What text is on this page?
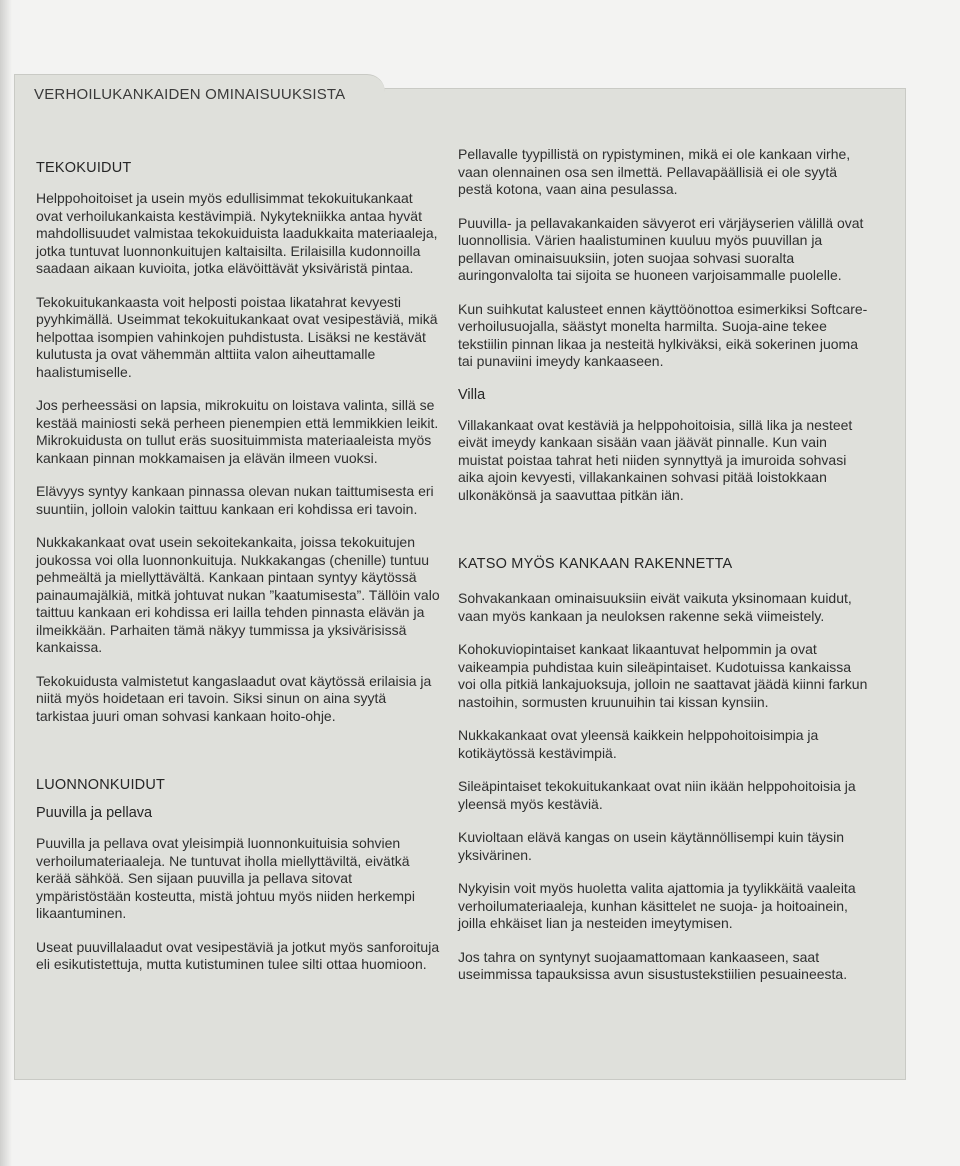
VERHOILUKANKAIDEN OMINAISUUKSISTA
TEKOKUIDUT

Helppohoitoiset ja usein myös edullisimmat tekokuitukankaat ovat verhoilukankaista kestävimpiä. Nykytekniikka antaa hyvät mahdollisuudet valmistaa tekokuiduista laadukkaita materiaaleja, jotka tuntuvat luonnonkuitujen kaltaisilta. Erilaisilla kudonnoilla saadaan aikaan kuvioita, jotka elävöittävät yksiväristä pintaa.

Tekokuitukankaasta voit helposti poistaa likatahrat kevyesti pyyhkimällä. Useimmat tekokuitukankaat ovat vesipestäviä, mikä helpottaa isompien vahinkojen puhdistusta. Lisäksi ne kestävät kulutusta ja ovat vähemmän alttiita valon aiheuttamalle haalistumiselle.

Jos perheessäsi on lapsia, mikrokuitu on loistava valinta, sillä se kestää mainiosti sekä perheen pienempien että lemmikkien leikit. Mikrokuidusta on tullut eräs suosituimmista materiaaleista myös kankaan pinnan mokkamaisen ja elävän ilmeen vuoksi.

Elävyys syntyy kankaan pinnassa olevan nukan taittumisesta eri suuntiin, jolloin valokin taittuu kankaan eri kohdissa eri tavoin.

Nukkakankaat ovat usein sekoitekankaita, joissa tekokuitujen joukossa voi olla luonnonkuituja. Nukkakangas (chenille) tuntuu pehmeältä ja miellyttävältä. Kankaan pintaan syntyy käytössä painaumajälkiä, mitkä johtuvat nukan ”kaatumisesta”. Tällöin valo taittuu kankaan eri kohdissa eri lailla tehden pinnasta elävän ja ilmeikkään. Parhaiten tämä näkyy tummissa ja yksivärisissä kankaissa.

Tekokuidusta valmistetut kangaslaadut ovat käytössä erilaisia ja niitä myös hoidetaan eri tavoin. Siksi sinun on aina syytä tarkistaa juuri oman sohvasi kankaan hoito-ohje.

LUONNONKUIDUT
Puuvilla ja pellava

Puuvilla ja pellava ovat yleisimpiä luonnonkuituisia sohvien verhoilumateriaaleja. Ne tuntuvat iholla miellyttäviltä, eivätkä kerää sähköä. Sen sijaan puuvilla ja pellava sitovat ympäristöstään kosteutta, mistä johtuu myös niiden herkempi likaantuminen.

Useat puuvillalaadut ovat vesipestäviä ja jotkut myös sanforoituja eli esikutistettuja, mutta kutistuminen tulee silti ottaa huomioon.

Pellavalle tyypillistä on rypistyminen, mikä ei ole kankaan virhe, vaan olennainen osa sen ilmettä. Pellavapäällisiä ei ole syytä pestä kotona, vaan aina pesulassa.

Puuvilla- ja pellavakankaiden sävyerot eri värjäyserien välillä ovat luonnollisia. Värien haalistuminen kuuluu myös puuvillan ja pellavan ominaisuuksiin, joten suojaa sohvasi suoralta auringonvalolta tai sijoita se huoneen varjoisammalle puolelle.

Kun suihkutat kalusteet ennen käyttöönottoa esimerkiksi Softcare-verhoilusuojalla, säästyt monelta harmilta. Suoja-aine tekee tekstiilin pinnan likaa ja nesteitä hylkiväksi, eikä sokerinen juoma tai punaviini imeydy kankaaseen.

Villa

Villakankaat ovat kestäviä ja helppohoitoisia, sillä lika ja nesteet eivät imeydy kankaan sisään vaan jäävät pinnalle. Kun vain muistat poistaa tahrat heti niiden synnyttyä ja imuroida sohvasi aika ajoin kevyesti, villakankainen sohvasi pitää loistokkaan ulkonäkönsä ja saavuttaa pitkän iän.

KATSO MYÖS KANKAAN RAKENNETTA

Sohvakankaan ominaisuuksiin eivät vaikuta yksinomaan kuidut, vaan myös kankaan ja neuloksen rakenne sekä viimeistely.

Kohokuviopintaiset kankaat likaantuvat helpommin ja ovat vaikeampia puhdistaa kuin sileäpintaiset. Kudotuissa kankaissa voi olla pitkiä lankajuoksuja, jolloin ne saattavat jäädä kiinni farkun nastoihin, sormusten kruunuihin tai kissan kynsiin.

Nukkakankaat ovat yleensä kaikkein helppohoitoisimpia ja kotikäytössä kestävimpiä.

Sileäpintaiset tekokuitukankaat ovat niin ikään helppohoitoisia ja yleensä myös kestäviä.

Kuvioltaan elävä kangas on usein käytännöllisempi kuin täysin yksivärinen.

Nykyisin voit myös huoletta valita ajattomia ja tyylikkäitä vaaleita verhoilumateriaaleja, kunhan käsittelet ne suoja- ja hoitoainein, joilla ehkäiset lian ja nesteiden imeytymisen.

Jos tahra on syntynyt suojaamattomaan kankaaseen, saat useimmissa tapauksissa avun sisustustekstiilien pesuaineesta.
